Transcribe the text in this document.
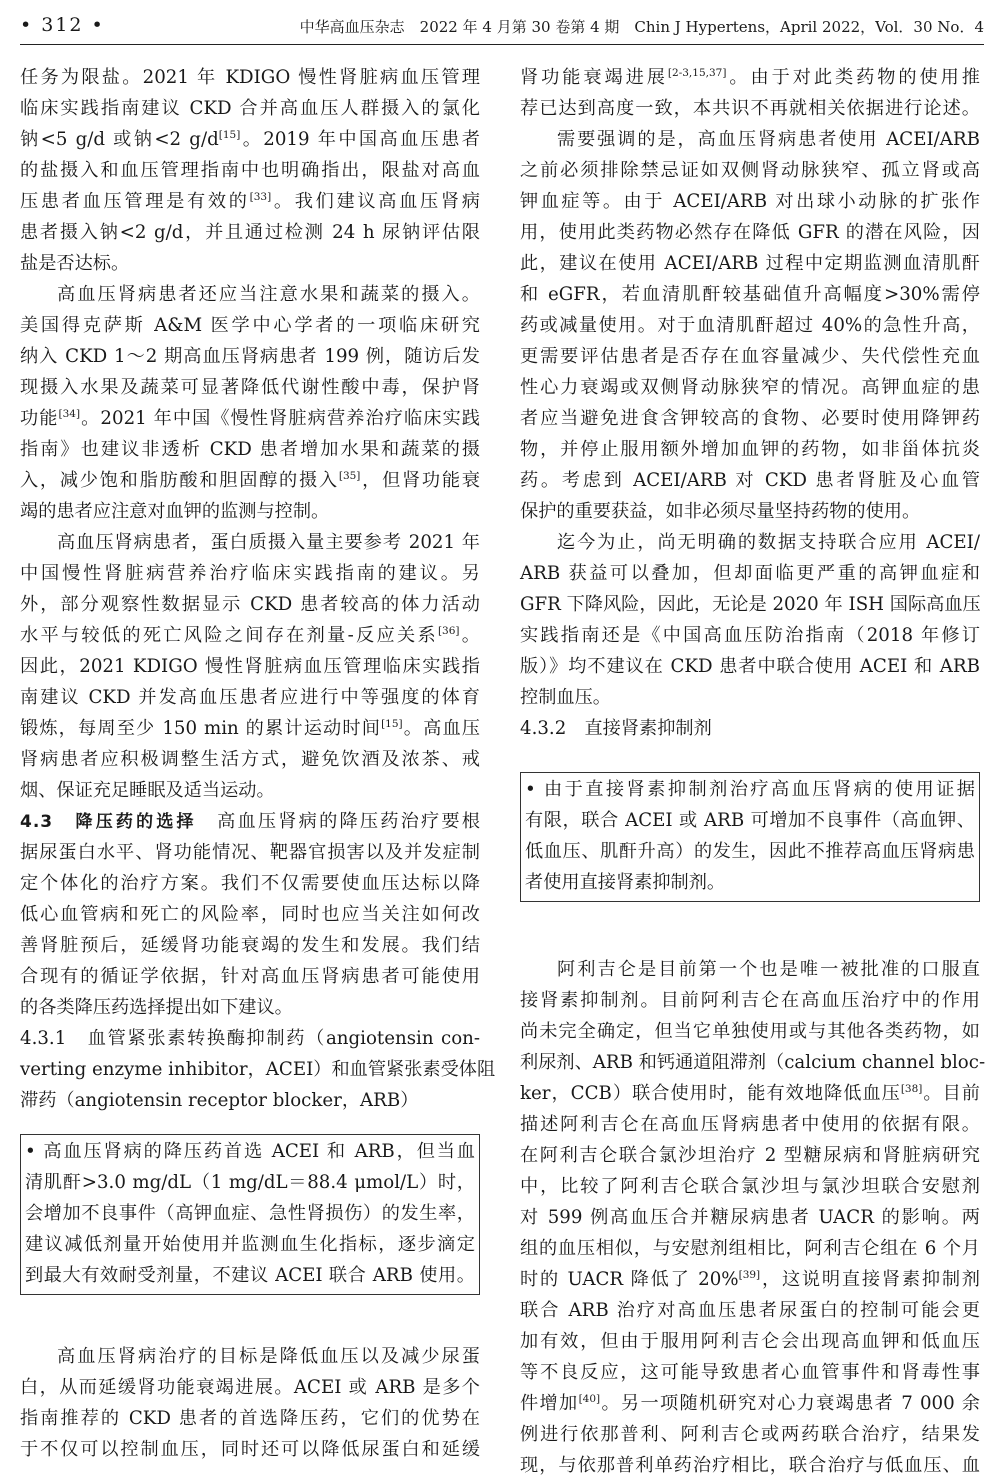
• 312 •	中华高血压杂志　2022 年 4 月第 30 卷第 4 期　Chin J Hypertens，April 2022，Vol．30 No．4
任务为限盐。2021 年 KDIGO 慢性肾脏病血压管理
临床实践指南建议 CKD 合并高血压人群摄入的氯化
钠<5 g/d 或钠<2 g/d[15]。2019 年中国高血压患者
的盐摄入和血压管理指南中也明确指出，限盐对高血
压患者血压管理是有效的[33]。我们建议高血压肾病
患者摄入钠<2 g/d，并且通过检测 24 h 尿钠评估限
盐是否达标。
高血压肾病患者还应当注意水果和蔬菜的摄入。
美国得克萨斯 A&M 医学中心学者的一项临床研究
纳入 CKD 1～2 期高血压肾病患者 199 例，随访后发
现摄入水果及蔬菜可显著降低代谢性酸中毒，保护肾
功能[34]。2021 年中国《慢性肾脏病营养治疗临床实践
指南》也建议非透析 CKD 患者增加水果和蔬菜的摄
入，减少饱和脂肪酸和胆固醇的摄入[35]，但肾功能衰
竭的患者应注意对血钾的监测与控制。
高血压肾病患者，蛋白质摄入量主要参考 2021 年
中国慢性肾脏病营养治疗临床实践指南的建议。另
外，部分观察性数据显示 CKD 患者较高的体力活动
水平与较低的死亡风险之间存在剂量-反应关系[36]。
因此，2021 KDIGO 慢性肾脏病血压管理临床实践指
南建议 CKD 并发高血压患者应进行中等强度的体育
锻炼，每周至少 150 min 的累计运动时间[15]。高血压
肾病患者应积极调整生活方式，避免饮酒及浓茶、戒
烟、保证充足睡眠及适当运动。
4.3　降压药的选择　高血压肾病的降压药治疗要根
据尿蛋白水平、肾功能情况、靶器官损害以及并发症制
定个体化的治疗方案。我们不仅需要使血压达标以降
低心血管病和死亡的风险率，同时也应当关注如何改
善肾脏预后，延缓肾功能衰竭的发生和发展。我们结
合现有的循证学依据，针对高血压肾病患者可能使用
的各类降压药选择提出如下建议。
4.3.1　血管紧张素转换酶抑制药（angiotensin con-
verting enzyme inhibitor，ACEI）和血管紧张素受体阻
滞药（angiotensin receptor blocker，ARB）
• 高血压肾病的降压药首选 ACEI 和 ARB，但当血
清肌酐>3.0 mg/dL（1 mg/dL＝88.4 μmol/L）时，
会增加不良事件（高钾血症、急性肾损伤）的发生率，
建议减低剂量开始使用并监测血生化指标，逐步滴定
到最大有效耐受剂量，不建议 ACEI 联合 ARB 使用。
高血压肾病治疗的目标是降低血压以及减少尿蛋
白，从而延缓肾功能衰竭进展。ACEI 或 ARB 是多个
指南推荐的 CKD 患者的首选降压药，它们的优势在
于不仅可以控制血压，同时还可以降低尿蛋白和延缓
肾功能衰竭进展[2-3,15,37]。由于对此类药物的使用推
荐已达到高度一致，本共识不再就相关依据进行论述。
需要强调的是，高血压肾病患者使用 ACEI/ARB
之前必须排除禁忌证如双侧肾动脉狭窄、孤立肾或高
钾血症等。由于 ACEI/ARB 对出球小动脉的扩张作
用，使用此类药物必然存在降低 GFR 的潜在风险，因
此，建议在使用 ACEI/ARB 过程中定期监测血清肌酐
和 eGFR，若血清肌酐较基础值升高幅度>30%需停
药或减量使用。对于血清肌酐超过 40%的急性升高，
更需要评估患者是否存在血容量减少、失代偿性充血
性心力衰竭或双侧肾动脉狭窄的情况。高钾血症的患
者应当避免进食含钾较高的食物、必要时使用降钾药
物，并停止服用额外增加血钾的药物，如非甾体抗炎
药。考虑到 ACEI/ARB 对 CKD 患者肾脏及心血管
保护的重要获益，如非必须尽量坚持药物的使用。
迄今为止，尚无明确的数据支持联合应用 ACEI/
ARB 获益可以叠加，但却面临更严重的高钾血症和
GFR 下降风险，因此，无论是 2020 年 ISH 国际高血压
实践指南还是《中国高血压防治指南（2018 年修订
版）》均不建议在 CKD 患者中联合使用 ACEI 和 ARB
控制血压。
4.3.2　直接肾素抑制剂
• 由于直接肾素抑制剂治疗高血压肾病的使用证据
有限，联合 ACEI 或 ARB 可增加不良事件（高血钾、
低血压、肌酐升高）的发生，因此不推荐高血压肾病患
者使用直接肾素抑制剂。
阿利吉仑是目前第一个也是唯一被批准的口服直
接肾素抑制剂。目前阿利吉仑在高血压治疗中的作用
尚未完全确定，但当它单独使用或与其他各类药物，如
利尿剂、ARB 和钙通道阻滞剂（calcium channel bloc-
ker，CCB）联合使用时，能有效地降低血压[38]。目前
描述阿利吉仑在高血压肾病患者中使用的依据有限。
在阿利吉仑联合氯沙坦治疗 2 型糖尿病和肾脏病研究
中，比较了阿利吉仑联合氯沙坦与氯沙坦联合安慰剂
对 599 例高血压合并糖尿病患者 UACR 的影响。两
组的血压相似，与安慰剂组相比，阿利吉仑组在 6 个月
时的 UACR 降低了 20%[39]，这说明直接肾素抑制剂
联合 ARB 治疗对高血压患者尿蛋白的控制可能会更
加有效，但由于服用阿利吉仑会出现高血钾和低血压
等不良反应，这可能导致患者心血管事件和肾毒性事
件增加[40]。另一项随机研究对心力衰竭患者 7 000 余
例进行依那普利、阿利吉仑或两药联合治疗，结果发
现，与依那普利单药治疗相比，联合治疗与低血压、血
